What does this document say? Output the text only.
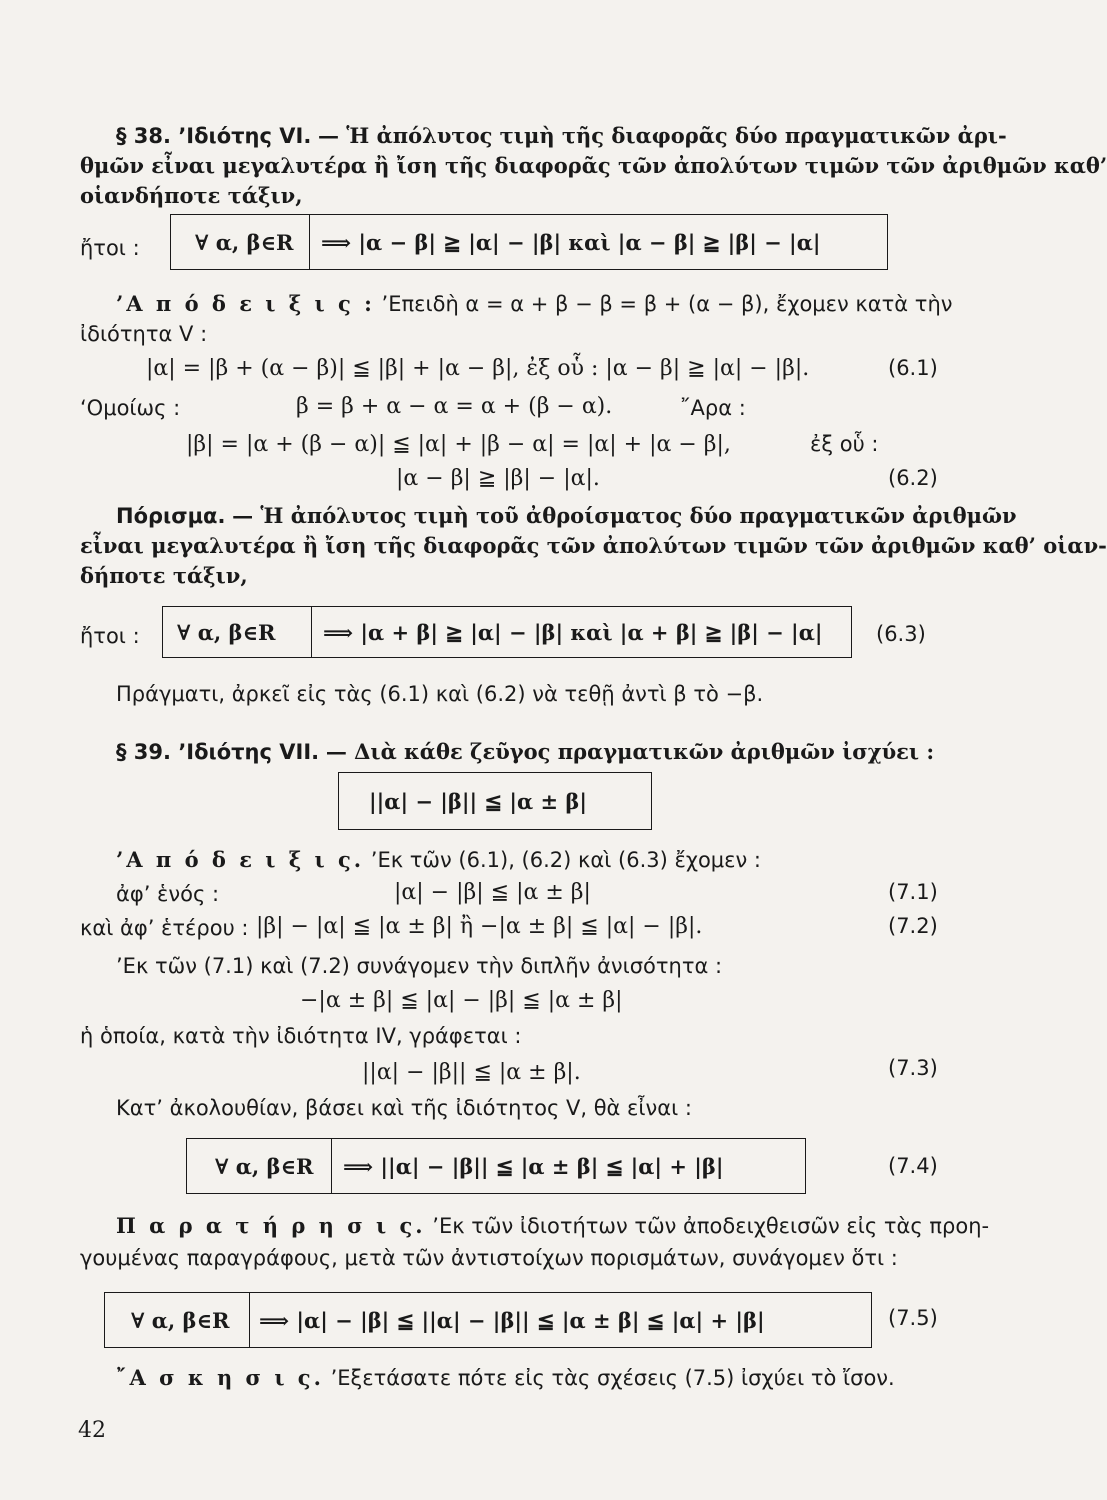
§ 38. ’Ιδιότης VI. — Ἡ ἀπόλυτος τιμὴ τῆς διαφορᾶς δύο πραγματικῶν ἀρι-
θμῶν εἶναι μεγαλυτέρα ἢ ἴση τῆς διαφορᾶς τῶν ἀπολύτων τιμῶν τῶν ἀριθμῶν καθ’
οἱανδήποτε τάξιν,
ἤτοι :	∀ α, β∈R ⟹ |α − β| ≧ |α| − |β| καὶ |α − β| ≧ |β| − |α|
’Α π ό δ ε ι ξ ι ς : ’Επειδὴ α = α + β − β = β + (α − β), ἔχομεν κατὰ τὴν
ἰδιότητα V :
|α| = |β + (α − β)| ≦ |β| + |α − β|, ἐξ οὗ : |α − β| ≧ |α| − |β|.	(6.1)
‘Ομοίως :	β = β + α − α = α + (β − α).	῎Αρα :
|β| = |α + (β − α)| ≦ |α| + |β − α| = |α| + |α − β|,	ἐξ οὗ :
|α − β| ≧ |β| − |α|.	(6.2)
Πόρισμα. — Ἡ ἀπόλυτος τιμὴ τοῦ ἀθροίσματος δύο πραγματικῶν ἀριθμῶν
εἶναι μεγαλυτέρα ἢ ἴση τῆς διαφορᾶς τῶν ἀπολύτων τιμῶν τῶν ἀριθμῶν καθ’ οἱαν-
δήποτε τάξιν,
ἤτοι : ∀ α, β∈R ⟹ |α + β| ≧ |α| − |β| καὶ |α + β| ≧ |β| − |α|	(6.3)
Πράγματι, ἀρκεῖ εἰς τὰς (6.1) καὶ (6.2) νὰ τεθῇ ἀντὶ β τὸ −β.
§ 39. ’Ιδιότης VII. — Διὰ κάθε ζεῦγος πραγματικῶν ἀριθμῶν ἰσχύει :
||α| − |β|| ≦ |α ± β|
’Α π ό δ ε ι ξ ι ς. ’Εκ τῶν (6.1), (6.2) καὶ (6.3) ἔχομεν :
ἀφ’ ἑνός :	|α| − |β| ≦ |α ± β|	(7.1)
καὶ ἀφ’ ἑτέρου : |β| − |α| ≦ |α ± β| ἢ −|α ± β| ≦ |α| − |β|.	(7.2)
’Εκ τῶν (7.1) καὶ (7.2) συνάγομεν τὴν διπλῆν ἀνισότητα :
−|α ± β| ≦ |α| − |β| ≦ |α ± β|
ἡ ὁποία, κατὰ τὴν ἰδιότητα IV, γράφεται :
||α| − |β|| ≦ |α ± β|.	(7.3)
Κατ’ ἀκολουθίαν, βάσει καὶ τῆς ἰδιότητος V, θὰ εἶναι :
∀ α, β∈R ⟹ ||α| − |β|| ≦ |α ± β| ≦ |α| + |β|	(7.4)
Π α ρ α τ ή ρ η σ ι ς. ’Εκ τῶν ἰδιοτήτων τῶν ἀποδειχθεισῶν εἰς τὰς προη-
γουμένας παραγράφους, μετὰ τῶν ἀντιστοίχων πορισμάτων, συνάγομεν ὅτι :
∀ α, β∈R ⟹ |α| − |β| ≦ ||α| − |β|| ≦ |α ± β| ≦ |α| + |β|	(7.5)
῎Α σ κ η σ ι ς. ’Εξετάσατε πότε εἰς τὰς σχέσεις (7.5) ἰσχύει τὸ ἴσον.
42
